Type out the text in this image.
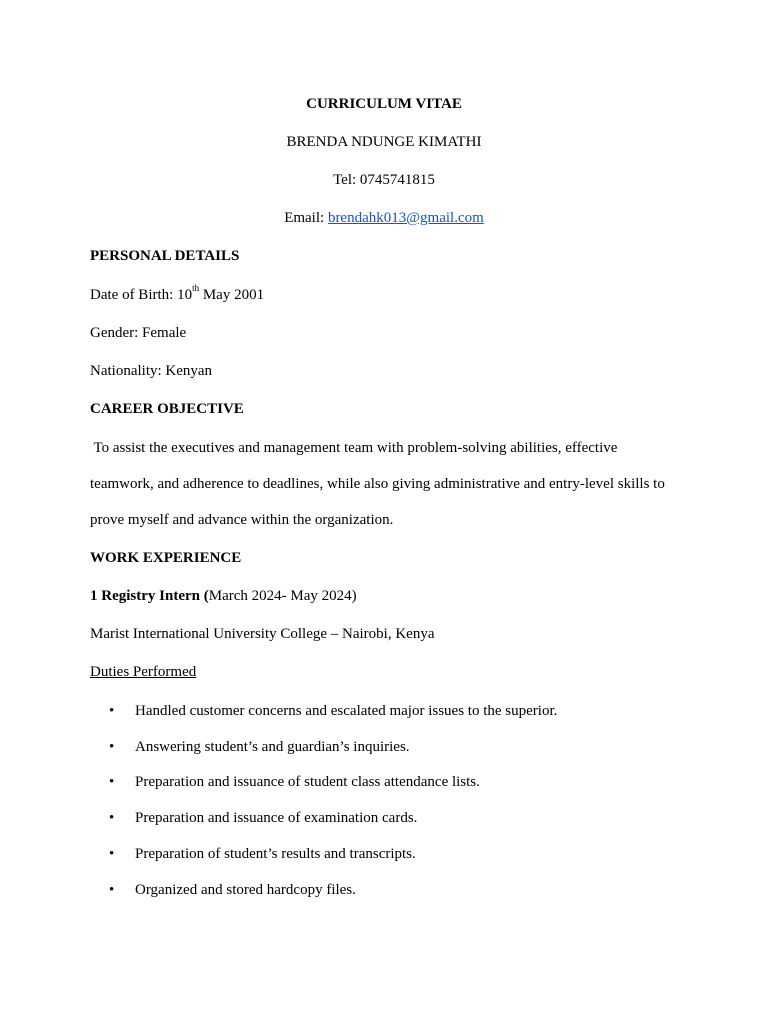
CURRICULUM VITAE
BRENDA NDUNGE KIMATHI
Tel: 0745741815
Email: brendahk013@gmail.com
PERSONAL DETAILS
Date of Birth: 10th May 2001
Gender: Female
Nationality: Kenyan
CAREER OBJECTIVE
To assist the executives and management team with problem-solving abilities, effective
teamwork, and adherence to deadlines, while also giving administrative and entry-level skills to
prove myself and advance within the organization.
WORK EXPERIENCE
1 Registry Intern (March 2024- May 2024)
Marist International University College – Nairobi, Kenya
Duties Performed
•	Handled customer concerns and escalated major issues to the superior.
•	Answering student’s and guardian’s inquiries.
•	Preparation and issuance of student class attendance lists.
•	Preparation and issuance of examination cards.
•	Preparation of student’s results and transcripts.
•	Organized and stored hardcopy files.
